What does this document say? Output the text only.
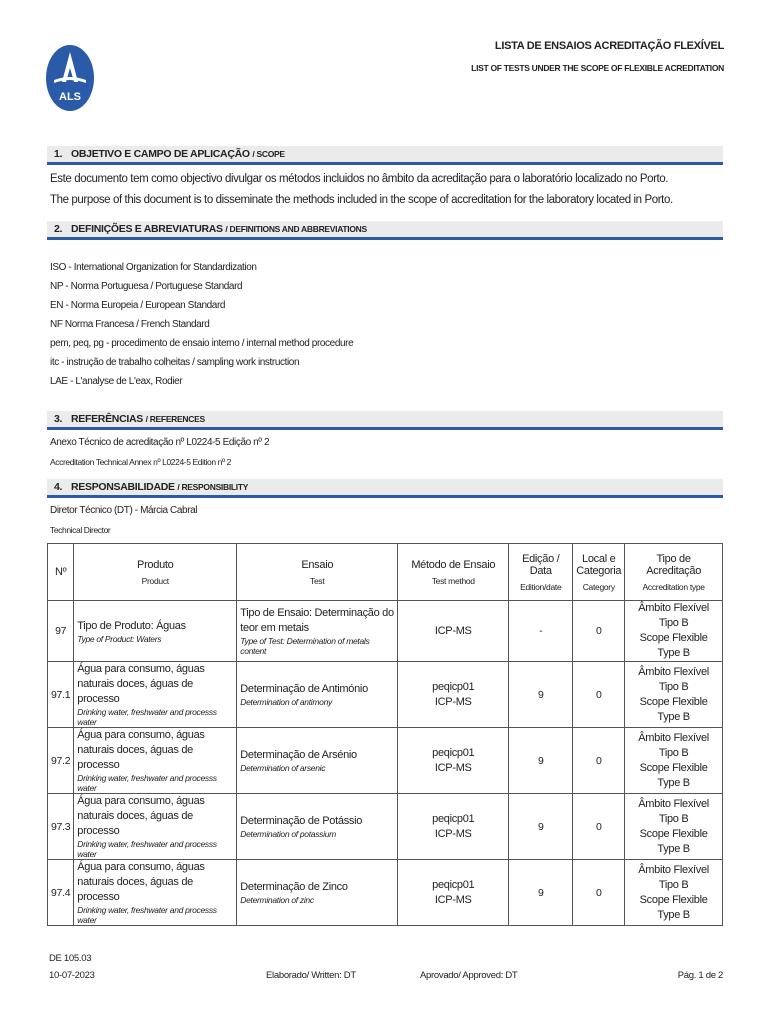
ALS
LISTA DE ENSAIOS ACREDITAÇÃO FLEXÍVEL
LIST OF TESTS UNDER THE SCOPE OF FLEXIBLE ACREDITATION
1. OBJETIVO E CAMPO DE APLICAÇÃO / SCOPE
Este documento tem como objectivo divulgar os métodos incluidos no âmbito da acreditação para o laboratório localizado no Porto.
The purpose of this document is to disseminate the methods included in the scope of accreditation for the laboratory located in Porto.
2. DEFINIÇÕES E ABREVIATURAS / DEFINITIONS AND ABBREVIATIONS
ISO - International Organization for Standardization
NP - Norma Portuguesa / Portuguese Standard
EN - Norma Europeia / European Standard
NF Norma Francesa / French Standard
pem, peq, pg - procedimento de ensaio interno / internal method procedure
itc - instrução de trabalho colheitas / sampling work instruction
LAE - L'analyse de L'eax, Rodier
3. REFERÊNCIAS / REFERENCES
Anexo Técnico de acreditação nº L0224-5 Edição nº 2
Accreditation Technical Annex nº L0224-5 Edition nº 2
4. RESPONSABILIDADE / RESPONSIBILITY
Diretor Técnico (DT) - Márcia Cabral
Technical Director
Nº	Produto
Product	Ensaio
Test	Método de Ensaio
Test method	Edição / Data
Edition/date	Local e Categoria
Category	Tipo de Acreditação
Accreditation type

97	Tipo de Produto: Águas
Type of Product: Waters	Tipo de Ensaio: Determinação do teor em metais
Type of Test: Determination of metals content	ICP-MS	-	0	Âmbito Flexível Tipo B
Scope Flexible Type B

97.1	Água para consumo, águas naturais doces, águas de processo
Drinking water, freshwater and processs water	Determinação de Antimónio
Determination of antimony	peqicp01
ICP-MS	9	0	Âmbito Flexível Tipo B
Scope Flexible Type B

97.2	Água para consumo, águas naturais doces, águas de processo
Drinking water, freshwater and processs water	Determinação de Arsénio
Determination of arsenic	peqicp01
ICP-MS	9	0	Âmbito Flexível Tipo B
Scope Flexible Type B

97.3	Água para consumo, águas naturais doces, águas de processo
Drinking water, freshwater and processs water	Determinação de Potássio
Determination of potassium	peqicp01
ICP-MS	9	0	Âmbito Flexível Tipo B
Scope Flexible Type B

97.4	Água para consumo, águas naturais doces, águas de processo
Drinking water, freshwater and processs water	Determinação de Zinco
Determination of zinc	peqicp01
ICP-MS	9	0	Âmbito Flexível Tipo B
Scope Flexible Type B
DE 105.03
10-07-2023	Elaborado/ Written: DT	Aprovado/ Approved: DT	Pág. 1 de 2
